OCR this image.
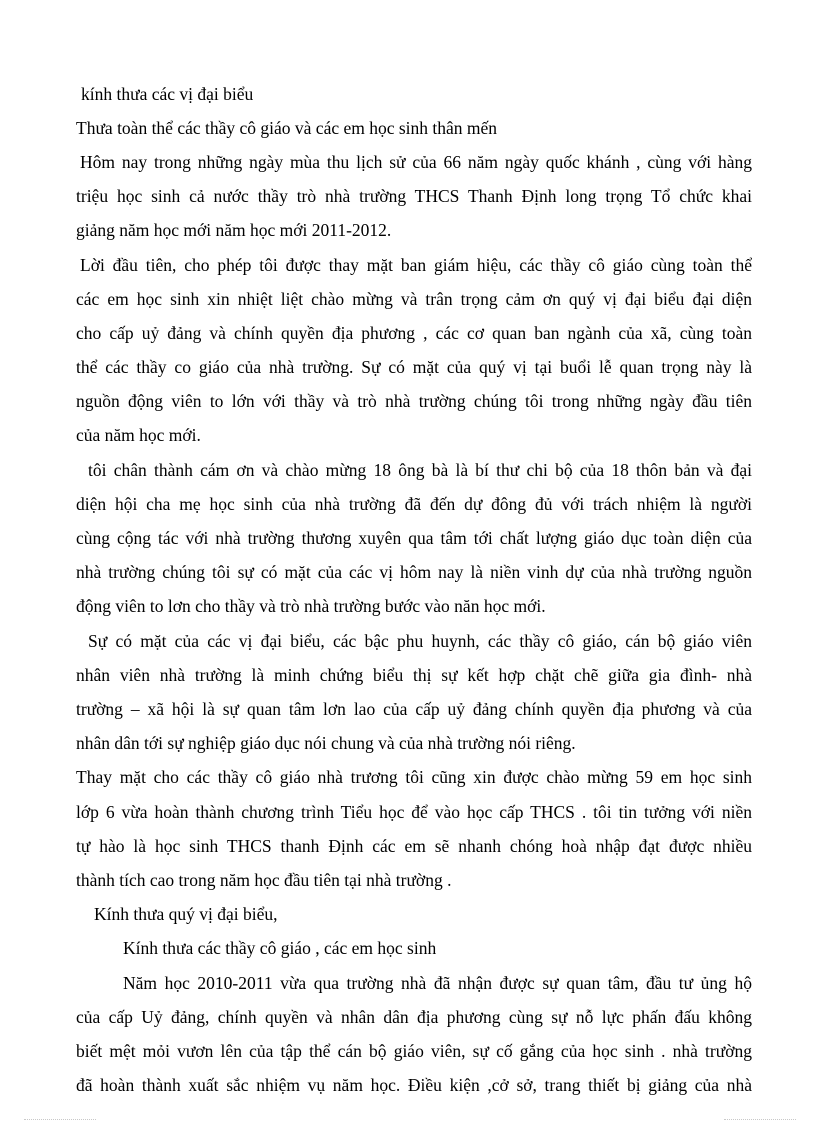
kính thưa các vị đại biểu
Thưa toàn thể các thầy cô giáo và các em học sinh thân mến
Hôm nay trong những ngày mùa thu lịch sử của 66 năm ngày quốc khánh , cùng với hàng
triệu học sinh cả nước thầy trò nhà trường THCS Thanh Định long trọng Tổ chức khai
giảng năm học mới năm học mới 2011-2012.
Lời đầu tiên, cho phép tôi được thay mặt ban giám hiệu, các thầy cô giáo cùng toàn thể
các em học sinh xin nhiệt liệt chào mừng và trân trọng cảm ơn quý vị đại biểu đại diện
cho cấp uỷ đảng và chính quyền địa phương , các cơ quan ban ngành của xã, cùng toàn
thể các thầy co giáo của nhà trường. Sự có mặt của quý vị tại buổi lễ quan trọng này là
nguồn động viên to lớn với thầy và trò nhà trường chúng tôi trong những ngày đầu tiên
của năm học mới.
tôi chân thành cám ơn và chào mừng 18 ông bà là bí thư chi bộ của 18 thôn bản và đại
diện hội cha mẹ học sinh của nhà trường đã đến dự đông đủ với trách nhiệm là người
cùng cộng tác với nhà trường thương xuyên qua tâm tới chất lượng giáo dục toàn diện của
nhà trường chúng tôi sự có mặt của các vị hôm nay là niền vinh dự của nhà trường nguồn
động viên to lơn cho thầy và trò nhà trường bước vào năn học mới.
Sự có mặt của các vị đại biểu, các bậc phu huynh, các thầy cô giáo, cán bộ giáo viên
nhân viên nhà trường là minh chứng biểu thị sự kết hợp chặt chẽ giữa gia đình- nhà
trường – xã hội là sự quan tâm lơn lao của cấp uỷ đảng chính quyền địa phương và của
nhân dân tới sự nghiệp giáo dục nói chung và của nhà trường nói riêng.
Thay mặt cho các thầy cô giáo nhà trương tôi cũng xin được chào mừng 59 em học sinh
lớp 6 vừa hoàn thành chương trình Tiểu học để vào học cấp THCS . tôi tin tưởng với niền
tự hào là học sinh THCS thanh Định các em sẽ nhanh chóng hoà nhập đạt được nhiều
thành tích cao trong năm học đầu tiên tại nhà trường .
Kính thưa quý vị đại biểu,
Kính thưa các thầy cô giáo , các em học sinh
Năm học 2010-2011 vừa qua trường nhà đã nhận được sự quan tâm, đầu tư ủng hộ
của cấp Uỷ đảng, chính quyền và nhân dân địa phương cùng sự nỗ lực phấn đấu không
biết mệt mỏi vươn lên của tập thể cán bộ giáo viên, sự cố gắng của học sinh . nhà trường
đã hoàn thành xuất sắc nhiệm vụ năm học. Điều kiện ,cở sở, trang thiết bị giảng của nhà
